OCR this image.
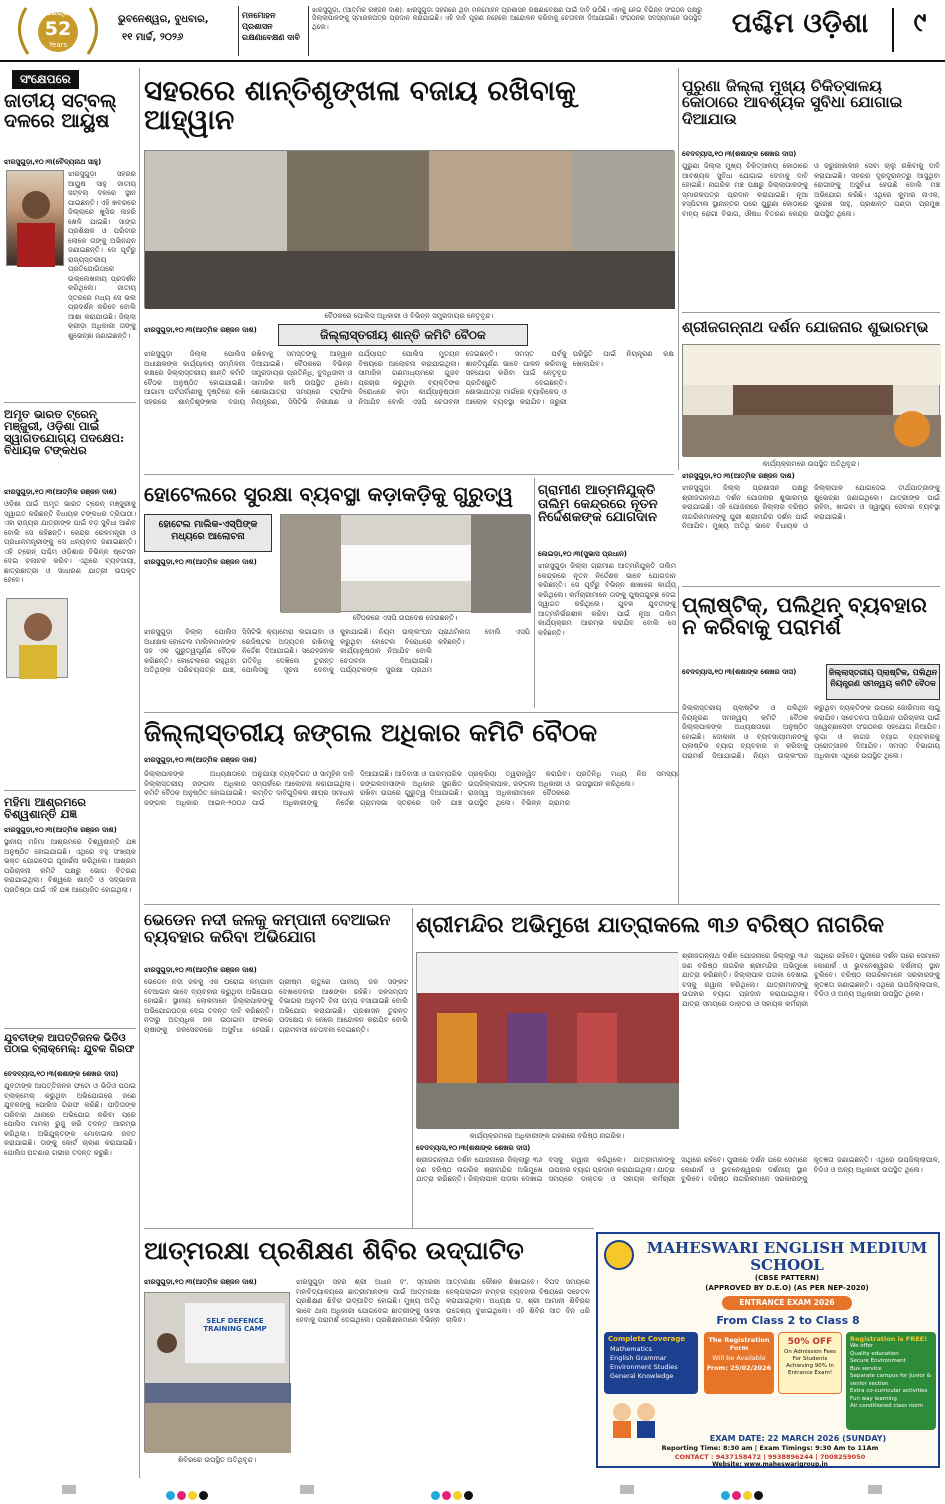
ଧରିତ୍ରୀ
52
Years
ଭୁବନେଶ୍ୱର, ବୁଧବାର,
୧୧ ମାର୍ଚ୍ଚ, ୨୦୨୬
ମନମୋହନ ପ୍ରଶାସନ
ରକ୍ଷଣାବେକ୍ଷଣ ଦାବି
ଝାରସୁଗୁଡ଼ା, (ଆତ୍ମିକ ରଞ୍ଜନ ଦାଶ): ଝାରସୁଗୁଡ଼ା ସହରରେ ଥିବା ମନମୋହନ ପ୍ରଶାସନ ରକ୍ଷଣାବେକ୍ଷଣ ପାଇଁ ଦାବି ଉଠିଛି। ଏହାକୁ ନେଇ ବିଭିନ୍ନ ସଂଗଠନ ପକ୍ଷରୁ ଜିଲ୍ଲାପାଳଙ୍କୁ ସ୍ମାରକପତ୍ର ପ୍ରଦାନ କରାଯାଇଛି। ଏହି ଦାବି ପୂରଣ ନହେଲେ ଆନ୍ଦୋଳନ କରିବାକୁ ଚେତାବନୀ ଦିଆଯାଇଛି। ସଂଗଠନର ସଦସ୍ୟମାନେ ଉପସ୍ଥିତ ଥିଲେ।	ପଶ୍ଚିମ ଓଡ଼ିଶା	୯
ସଂକ୍ଷେପରେ
ଜାତୀୟ ସଟ୍‌ବଲ୍‌ ଦଳରେ ଆୟୁଷ
ଝାରସୁଗୁଡ଼ା,୧୦।୩(ବୈଦ୍ୟନାଥ ସାହୁ)
ଝାରସୁଗୁଡ଼ା ସହରର ଆୟୁଷ ସାହୁ ଜାତୀୟ ସଟ୍‌ବଲ୍‌ ଦଳରେ ସ୍ଥାନ ପାଇଛନ୍ତି। ଏହି ଖବରରେ ଜିଲ୍ଲାରେ ଖୁସିର ଲହରି ଖେଳି ଯାଇଛି। ସାଙ୍ଗ ପ୍ରଶିକ୍ଷକ ଓ ପରିବାର ଲୋକେ ତାଙ୍କୁ ଅଭିନନ୍ଦନ ଜଣାଇଛନ୍ତି। ସେ ପୂର୍ବରୁ ରାଜ୍ୟସ୍ତରୀୟ ପ୍ରତିଯୋଗିତାରେ ଉଲ୍ଲେଖନୀୟ ପ୍ରଦର୍ଶନ କରିଥିଲେ। ଜାତୀୟ ସ୍ତରରେ ମଧ୍ୟ ସେ ଭଲ ପ୍ରଦର୍ଶନ କରିବେ ବୋଲି ଆଶା କରାଯାଉଛି। ଜିଲ୍ଲା କ୍ରୀଡ଼ା ଅଧିକାରୀ ତାଙ୍କୁ ଶୁଭେଚ୍ଛା ଜଣାଇଛନ୍ତି।
ଅମୃତ ଭାରତ ଟ୍ରେନ୍‌ ମଞ୍ଜୁରୀ, ଓଡ଼ିଶା ପାଇଁ ସ୍ୱାଗତଯୋଗ୍ୟ ପଦକ୍ଷେପ: ବିଧାୟକ ଟଙ୍କଧର
ଝାରସୁଗୁଡ଼ା,୧୦।୩(ଆତ୍ମିକ ରଞ୍ଜନ ଦାଶ)
ଓଡ଼ିଶା ପାଇଁ ଅମୃତ ଭାରତ ଟ୍ରେନ୍‌ ମଞ୍ଜୁରୀକୁ ସ୍ୱାଗତ କରିଛନ୍ତି ବିଧାୟକ ଟଙ୍କଧର ତ୍ରିପାଠୀ। ଏହା ରାଜ୍ୟର ଯାତ୍ରୀଙ୍କ ପାଇଁ ବଡ଼ ସୁବିଧା ଆଣିବ ବୋଲି ସେ କହିଛନ୍ତି। କେନ୍ଦ୍ର ରେଳମନ୍ତ୍ରୀ ଓ ପ୍ରଧାନମନ୍ତ୍ରୀଙ୍କୁ ସେ ଧନ୍ୟବାଦ ଜଣାଇଛନ୍ତି। ଏହି ଟ୍ରେନ୍‌ ପଶ୍ଚିମ ଓଡ଼ିଶାର ବିଭିନ୍ନ ଷ୍ଟେସନ ଦେଇ ଚଳାଚଳ କରିବ। ଏଥିରେ ବ୍ୟବସାୟୀ, ଛାତ୍ରଛାତ୍ରୀ ଓ ସାଧାରଣ ଯାତ୍ରୀ ଉପକୃତ ହେବେ।
ମହିମା ଆଶ୍ରମରେ ବିଶ୍ୱଶାନ୍ତି ଯଜ୍ଞ
ଝାରସୁଗୁଡ଼ା,୧୦।୩(ଆତ୍ମିକ ରଞ୍ଜନ ଦାଶ)
ସ୍ଥାନୀୟ ମହିମା ଆଶ୍ରମରେ ବିଶ୍ୱଶାନ୍ତି ଯଜ୍ଞ ଅନୁଷ୍ଠିତ ହୋଇଯାଇଛି। ଏଥିରେ ବହୁ ସଂଖ୍ୟକ ଭକ୍ତ ଯୋଗଦେଇ ପୂଜାର୍ଚ୍ଚନା କରିଥିଲେ। ଆଶ୍ରମ ପରିଚାଳନା କମିଟି ପକ୍ଷରୁ ଭୋଗ ବିତରଣ କରାଯାଇଥିଲା। ବିଶ୍ୱରେ ଶାନ୍ତି ଓ ସଦ୍‌ଭାବନା ପ୍ରତିଷ୍ଠା ପାଇଁ ଏହି ଯଜ୍ଞ ଆୟୋଜିତ ହୋଇଥିଲା।
ଯୁବତୀଙ୍କ ଆପତ୍ତିଜନକ ଭିଡିଓ ପଠାଇ ବ୍ଲାକ୍‌ମେଲ୍‌: ଯୁବକ ଗିରଫ
ବେଦବ୍ୟାସ,୧୦।୩(ଶଶାଙ୍କ ଶେଖର ଦାସ)
ଯୁବତୀଙ୍କ ଆପତ୍ତିଜନକ ଫଟୋ ଓ ଭିଡିଓ ପଠାଇ ବ୍ଲାକ୍‌ମେଲ୍‌ କରୁଥିବା ଅଭିଯୋଗରେ ଜଣେ ଯୁବକଙ୍କୁ ପୋଲିସ ଗିରଫ କରିଛି। ପୀଡ଼ିତାଙ୍କ ପରିବାର ଥାନାରେ ଅଭିଯୋଗ କରିବା ପରେ ପୋଲିସ ମାମଲା ରୁଜୁ କରି ତଦନ୍ତ ଆରମ୍ଭ କରିଥିଲା। ଅଭିଯୁକ୍ତଙ୍କ ମୋବାଇଲ ଜବତ କରାଯାଇଛି। ତାଙ୍କୁ କୋର୍ଟ ଚାଲାଣ କରାଯାଇଛି। ପୋଲିସ ଘଟଣାର ଗଭୀର ତଦନ୍ତ କରୁଛି।
ସହରରେ ଶାନ୍ତିଶୃଙ୍ଖଳା ବଜାୟ ରଖିବାକୁ ଆହ୍ୱାନ
ବୈଠକରେ ପୋଲିସ ଅଧିକାରୀ ଓ ବିଭିନ୍ନ ସମ୍ପ୍ରଦାୟର ନେତୃବୃନ୍ଦ।
ଝାରସୁଗୁଡ଼ା,୧୦।୩(ଆତ୍ମିକ ରଞ୍ଜନ ଦାଶ)	ଜିଲ୍ଲାସ୍ତରୀୟ ଶାନ୍ତି କମିଟି ବୈଠକ
ଝାରସୁଗୁଡ଼ା ଜିଲ୍ଲା ପୋଲିସ ଅଧୀକ୍ଷକଙ୍କ କାର୍ଯ୍ୟାଳୟ ସମ୍ମିଳନୀ କକ୍ଷରେ ଜିଲ୍ଲାସ୍ତରୀୟ ଶାନ୍ତି କମିଟି ବୈଠକ ଅନୁଷ୍ଠିତ ହୋଇଯାଇଛି। ଆଗାମୀ ପର୍ବପର୍ବାଣୀକୁ ଦୃଷ୍ଟିରେ ରଖି ସହରରେ ଶାନ୍ତିଶୃଙ୍ଖଳା ବଜାୟ ରଖିବାକୁ ସମସ୍ତଙ୍କୁ ଆହ୍ୱାନ ଦିଆଯାଇଛି। ବୈଠକରେ ବିଭିନ୍ନ ସମ୍ପ୍ରଦାୟର ପ୍ରତିନିଧି, ବୁଦ୍ଧିଜୀବୀ ଓ ସାମାଜିକ କର୍ମୀ ଉପସ୍ଥିତ ଥିଲେ। ଶୋଭାଯାତ୍ରା ସମୟରେ ଟ୍ରାଫିକ ନିୟନ୍ତ୍ରଣ, ସିସିଟିଭି ନିରୀକ୍ଷଣ ଓ ପର୍ଯ୍ୟାପ୍ତ ପୋଲିସ ମୁତୟନ ବିଷୟରେ ଆଲୋଚନା କରାଯାଇଥିଲା। ସାମାଜିକ ଗଣମାଧ୍ୟମରେ ଗୁଜବ ପ୍ରଚାର କରୁଥିବା ବ୍ୟକ୍ତିଙ୍କ ବିରୋଧରେ କଡ଼ା କାର୍ଯ୍ୟାନୁଷ୍ଠାନ ନିଆଯିବ ବୋଲି ଏସପି ଚେତାବନୀ ଦେଇଛନ୍ତି। ସମସ୍ତ ପର୍ବକୁ ଶାନ୍ତିପୂର୍ଣ୍ଣ ଭାବେ ପାଳନ କରିବାକୁ ସହଯୋଗ କରିବା ପାଇଁ ନେତୃବୃନ୍ଦ ପ୍ରତିଶ୍ରୁତି ଦେଇଛନ୍ତି। ଶୋଭାଯାତ୍ରା ମାର୍ଗରେ ବ୍ୟାରିକେଡ୍‌ ଓ ଆଲୋକ ବ୍ୟବସ୍ଥା କରାଯିବ। ଜରୁରୀ ପରିସ୍ଥିତି ପାଇଁ ନିୟନ୍ତ୍ରଣ କକ୍ଷ ଖୋଲାଯିବ।
ପୁରୁଣା ଜିଲ୍ଲା ମୁଖ୍ୟ ଚିକିତ୍ସାଳୟ କୋଠାରେ ଆବଶ୍ୟକ ସୁବିଧା ଯୋଗାଇ ଦିଆଯାଉ
ବେଦବ୍ୟାସ,୧୦।୩(ଶଶାଙ୍କ ଶେଖର ଦାସ)
ପୁରୁଣା ଜିଲ୍ଲା ମୁଖ୍ୟ ଚିକିତ୍ସାଳୟ କୋଠାରେ ଆବଶ୍ୟକ ସୁବିଧା ଯୋଗାଇ ଦେବାକୁ ଦାବି ହୋଇଛି। ନାଗରିକ ମଞ୍ଚ ପକ୍ଷରୁ ଜିଲ୍ଲାପାଳଙ୍କୁ ସ୍ମାରକପତ୍ର ପ୍ରଦାନ କରାଯାଇଛି। ନୂଆ ହସ୍ପିଟାଲ ସ୍ଥାନାନ୍ତର ପରେ ପୁରୁଣା କୋଠାରେ ବାହ୍ୟ ରୋଗୀ ବିଭାଗ, ଔଷଧ ବିତରଣ କେନ୍ଦ୍ର ଓ ଜରୁରୀକାଳୀନ ସେବା ଚାଲୁ ରଖିବାକୁ ଦାବି କରାଯାଇଛି। ସହରର ଦୂରଦୂରାନ୍ତରୁ ଆସୁଥିବା ରୋଗୀଙ୍କୁ ଅସୁବିଧା ହେଉଛି ବୋଲି ମଞ୍ଚ ଅଭିଯୋଗ କରିଛି। ଏଥିରେ କୁମାର ନାଏକ, ସୁରେଶ ସାହୁ, ପ୍ରଶାନ୍ତ ପଣ୍ଡା ପ୍ରମୁଖ ଉପସ୍ଥିତ ଥିଲେ।
ଶ୍ରୀଜଗନ୍ନାଥ ଦର୍ଶନ ଯୋଜନାର ଶୁଭାରମ୍ଭ
କାର୍ଯ୍ୟକ୍ରମରେ ଉପସ୍ଥିତ ଅତିଥିବୃନ୍ଦ।
ଝାରସୁଗୁଡ଼ା,୧୦।୩(ଆତ୍ମିକ ରଞ୍ଜନ ଦାଶ)
ଝାରସୁଗୁଡ଼ା ଜିଲ୍ଲା ପ୍ରଶାସନ ପକ୍ଷରୁ ଶ୍ରୀଜଗନ୍ନାଥ ଦର୍ଶନ ଯୋଜନାର ଶୁଭାରମ୍ଭ କରାଯାଇଛି। ଏହି ଯୋଜନାରେ ଜିଲ୍ଲାର ବରିଷ୍ଠ ନାଗରିକମାନଙ୍କୁ ପୁରୀ ଶ୍ରୀମନ୍ଦିର ଦର୍ଶନ ପାଇଁ ନିଆଯିବ। ମୁଖ୍ୟ ଅତିଥି ଭାବେ ବିଧାୟକ ଓ ଜିଲ୍ଲାପାଳ ଯୋଗଦେଇ ତୀର୍ଥଯାତ୍ରୀଙ୍କୁ ଶୁଭେଚ୍ଛା ଜଣାଇଥିଲେ। ଯାତ୍ରୀଙ୍କ ପାଇଁ ରହିବା, ଖାଇବା ଓ ସ୍ୱାସ୍ଥ୍ୟ ସେବାର ବ୍ୟବସ୍ଥା କରାଯାଇଛି।
ହୋଟେଲରେ ସୁରକ୍ଷା ବ୍ୟବସ୍ଥା କଡ଼ାକଡ଼ିକୁ ଗୁରୁତ୍ୱ
ହୋଟେଲ ମାଲିକ-ଏସ୍‌ପିଙ୍କ ମଧ୍ୟରେ ଆଲୋଚନା
ଝାରସୁଗୁଡ଼ା,୧୦।୩(ଆତ୍ମିକ ରଞ୍ଜନ ଦାଶ)
ବୈଠକରେ ଏସପି ଉପଦେଶ ଦେଉଛନ୍ତି।
ଝାରସୁଗୁଡ଼ା ଜିଲ୍ଲା ପୋଲିସ ଅଧୀକ୍ଷକ ହୋଟେଲ ମାଲିକମାନଙ୍କ ସହ ଏକ ଗୁରୁତ୍ୱପୂର୍ଣ୍ଣ ବୈଠକ କରିଛନ୍ତି। ହୋଟେଲରେ ରହୁଥିବା ଅତିଥିଙ୍କ ପରିଚୟପତ୍ର ଯାଞ୍ଚ, ସିସିଟିଭି କ୍ୟାମେରା ଲଗାଇବା ଓ ରେଜିଷ୍ଟର ଅଦ୍ୟତନ ରଖିବାକୁ ନିର୍ଦ୍ଦେଶ ଦିଆଯାଇଛି। ସନ୍ଦେହଜନକ ଗତିବିଧି ଦେଖିଲେ ତୁରନ୍ତ ପୋଲିସକୁ ସୂଚନା ଦେବାକୁ କୁହାଯାଇଛି। ନିୟମ ଉଲ୍ଲଂଘନ କରୁଥିବା ହୋଟେଲ ବିରୋଧରେ କାର୍ଯ୍ୟାନୁଷ୍ଠାନ ନିଆଯିବ ବୋଲି ଚେତାବନୀ ଦିଆଯାଇଛି। ପର୍ଯ୍ୟଟକଙ୍କ ସୁରକ୍ଷା ପ୍ରଥମ ପ୍ରାଥମିକତା ବୋଲି ଏସପି କହିଛନ୍ତି।
ଗ୍ରାମୀଣ ଆତ୍ମନିଯୁକ୍ତି ତାଲିମ କେନ୍ଦ୍ରରେ ନୂତନ ନିର୍ଦ୍ଦେଶକଙ୍କ ଯୋଗଦାନ
ଲେଇଡ଼ା,୧୦।୩(ସୁଭାସ ପ୍ରଧାନ)
ଝାରସୁଗୁଡ଼ା ଜିଲ୍ଲା ଗ୍ରାମୀଣ ଆତ୍ମନିଯୁକ୍ତି ତାଲିମ କେନ୍ଦ୍ରରେ ନୂତନ ନିର୍ଦ୍ଦେଶକ ଭାବେ ଯୋଗଦାନ କରିଛନ୍ତି। ସେ ପୂର୍ବରୁ ବିଭିନ୍ନ ଶାଖାରେ କାର୍ଯ୍ୟ କରିଥିଲେ। କର୍ମଚାରୀମାନେ ତାଙ୍କୁ ପୁଷ୍ପଗୁଚ୍ଛ ଦେଇ ସ୍ୱାଗତ କରିଥିଲେ। ଯୁବକ ଯୁବତୀଙ୍କୁ ଆତ୍ମନିର୍ଭରଶୀଳ କରିବା ପାଇଁ ନୂଆ ତାଲିମ କାର୍ଯ୍ୟକ୍ରମ ଆରମ୍ଭ କରାଯିବ ବୋଲି ସେ କହିଛନ୍ତି।
ପ୍ଲାଷ୍ଟିକ୍‌, ପଲିଥିନ୍‌ ବ୍ୟବହାର ନ କରିବାକୁ ପରାମର୍ଶ
ବେଦବ୍ୟାସ,୧୦।୩(ଶଶାଙ୍କ ଶେଖର ଦାସ)	ଜିଲ୍ଲାସ୍ତରୀୟ ପ୍ଲାଷ୍ଟିକ, ପଲିଥିନ ନିୟନ୍ତ୍ରଣ ସମନ୍ୱୟ କମିଟି ବୈଠକ
ଜିଲ୍ଲାସ୍ତରୀୟ ପ୍ଲାଷ୍ଟିକ ଓ ପଲିଥିନ ନିୟନ୍ତ୍ରଣ ସମନ୍ୱୟ କମିଟି ବୈଠକ ଜିଲ୍ଲାପାଳଙ୍କ ଅଧ୍ୟକ୍ଷତାରେ ଅନୁଷ୍ଠିତ ହୋଇଛି। ଦୋକାନୀ ଓ ବ୍ୟବସାୟୀମାନଙ୍କୁ ପ୍ଲାଷ୍ଟିକ ବ୍ୟାଗ ବ୍ୟବହାର ନ କରିବାକୁ ପରାମର୍ଶ ଦିଆଯାଇଛି। ନିୟମ ଉଲ୍ଲଂଘନ କରୁଥିବା ବ୍ୟକ୍ତିଙ୍କ ଉପରେ ଜୋରିମାନା ଲାଗୁ କରାଯିବ। ସଚେତନତା ଅଭିଯାନ ପରିଚାଳନା ପାଇଁ ସ୍ୱେଚ୍ଛାସେବୀ ସଂଗଠନର ସହଯୋଗ ନିଆଯିବ। ଲୁଗା ଓ କାଗଜ ବ୍ୟାଗ ବ୍ୟବହାରକୁ ପ୍ରୋତ୍ସାହନ ଦିଆଯିବ। ସମସ୍ତ ବିଭାଗୀୟ ଅଧିକାରୀ ଏଥିରେ ଉପସ୍ଥିତ ଥିଲେ।
ଜିଲ୍ଲାସ୍ତରୀୟ ଜଙ୍ଗଲ ଅଧିକାର କମିଟି ବୈଠକ
ଝାରସୁଗୁଡ଼ା,୧୦।୩(ଆତ୍ମିକ ରଞ୍ଜନ ଦାଶ)
ଜିଲ୍ଲାପାଳଙ୍କ ଅଧ୍ୟକ୍ଷତାରେ ଜିଲ୍ଲାସ୍ତରୀୟ ଜଙ୍ଗଲ ଅଧିକାର କମିଟି ବୈଠକ ଅନୁଷ୍ଠିତ ହୋଇଯାଇଛି। ଜଙ୍ଗଲ ଅଧିକାର ଆଇନ-୨୦୦୬ ଅନୁଯାୟୀ ବ୍ୟକ୍ତିଗତ ଓ ସାମୂହିକ ଦାବି ସମ୍ପର୍କରେ ଆଲୋଚନା କରାଯାଇଥିଲା। ଲମ୍ବିତ ଦାବିଗୁଡ଼ିକର ଶୀଘ୍ର ସମାଧାନ ପାଇଁ ଅଧିକାରୀଙ୍କୁ ନିର୍ଦ୍ଦେଶ ଦିଆଯାଇଛି। ଆଦିବାସୀ ଓ ପାରମ୍ପରିକ ଜଙ୍ଗଲବାସୀଙ୍କ ଅଧିକାର ସୁରକ୍ଷିତ ରଖିବା ଉପରେ ଗୁରୁତ୍ୱ ଦିଆଯାଇଛି। ଗ୍ରାମସଭା ସ୍ତରରେ ଦାବି ଯାଞ୍ଚ ପ୍ରକ୍ରିୟା ତ୍ୱରାନ୍ୱିତ କରାଯିବ। ଉପଜିଲ୍ଲାପାଳ, ଜଙ୍ଗଲ ଅଧିକାରୀ ଓ ରାଜସ୍ୱ ଅଧିକାରୀମାନେ ବୈଠକରେ ଉପସ୍ଥିତ ଥିଲେ। ବିଭିନ୍ନ ଗ୍ରାମର ପ୍ରତିନିଧି ମଧ୍ୟ ନିଜ ସମସ୍ୟା ଉପସ୍ଥାପନ କରିଥିଲେ।
ଭେଡେନ ନଦୀ ଜଳକୁ କମ୍ପାନୀ ବେଆଇନ ବ୍ୟବହାର କରିବା ଅଭିଯୋଗ
ଝାରସୁଗୁଡ଼ା,୧୦।୩(ଆତ୍ମିକ ରଞ୍ଜନ ଦାଶ)
ଭେଡେନ ନଦୀ ଜଳକୁ ଏକ ଘରୋଇ କମ୍ପାନୀ ବେଆଇନ ଭାବେ ବ୍ୟବହାର କରୁଥିବା ଅଭିଯୋଗ ହୋଇଛି। ସ୍ଥାନୀୟ ଲୋକମାନେ ଜିଲ୍ଲାପାଳଙ୍କୁ ଅଭିଯୋଗପତ୍ର ଦେଇ ତଦନ୍ତ ଦାବି କରିଛନ୍ତି। ନଦୀରୁ ଅତ୍ୟଧିକ ଜଳ ଉଠାଇବା ଫଳରେ ଚାଷୀଙ୍କୁ ଜଳସେଚନରେ ଅସୁବିଧା ହେଉଛି। ଗ୍ରୀଷ୍ମ ଋତୁରେ ପାନୀୟ ଜଳ ସଙ୍କଟ ଦେଖାଦେବାର ଆଶଙ୍କା ରହିଛି। ଜଳସମ୍ପଦ ବିଭାଗର ଅନୁମତି ବିନା ପମ୍ପ ବସାଯାଇଛି ବୋଲି ଅଭିଯୋଗ କରାଯାଇଛି। ପ୍ରଶାସନ ତୁରନ୍ତ ପଦକ୍ଷେପ ନ ନେଲେ ଆନ୍ଦୋଳନ କରାଯିବ ବୋଲି ଗ୍ରାମବାସୀ ଚେତାବନୀ ଦେଇଛନ୍ତି।
ଶ୍ରୀମନ୍ଦିର ଅଭିମୁଖେ ଯାତ୍ରାକଲେ ୩୬ ବରିଷ୍ଠ ନାଗରିକ
କାର୍ଯ୍ୟକ୍ରମରେ ଅଧିକାରୀଙ୍କ ଗହଣରେ ବରିଷ୍ଠ ନାଗରିକ।
ବେଦବ୍ୟାସ,୧୦।୩(ଶଶାଙ୍କ ଶେଖର ଦାସ)
ଶ୍ରୀଜଗନ୍ନାଥ ଦର୍ଶନ ଯୋଜନାରେ ଜିଲ୍ଲାରୁ ୩୬ ଜଣ ବରିଷ୍ଠ ନାଗରିକ ଶ୍ରୀମନ୍ଦିର ଅଭିମୁଖେ ଯାତ୍ରା କରିଛନ୍ତି। ଜିଲ୍ଲାପାଳ ପତାକା ଦେଖାଇ ବସ୍‌କୁ ରୱାନା କରିଥିଲେ। ଯାତ୍ରୀମାନଙ୍କୁ ଉପହାର ବ୍ୟାଗ ପ୍ରଦାନ କରାଯାଇଥିଲା। ଯାତ୍ରା ସମୟରେ ଡାକ୍ତର ଓ ସହାୟକ କର୍ମଚାରୀ ସାଥିରେ ରହିବେ। ପୁରୀରେ ଦର୍ଶନ ପରେ ସେମାନେ କୋଣାର୍କ ଓ ଭୁବନେଶ୍ୱରର ଦର୍ଶନୀୟ ସ୍ଥାନ ବୁଲିବେ। ବରିଷ୍ଠ ନାଗରିକମାନେ ସରକାରଙ୍କୁ କୃତଜ୍ଞତା ଜଣାଇଛନ୍ତି। ଏଥିରେ ଉପଜିଲ୍ଲାପାଳ, ବିଡିଓ ଓ ଅନ୍ୟ ଅଧିକାରୀ ଉପସ୍ଥିତ ଥିଲେ।
ଶ୍ରୀଜଗନ୍ନାଥ ଦର୍ଶନ ଯୋଜନାରେ ଜିଲ୍ଲାରୁ ୩୬ ଜଣ ବରିଷ୍ଠ ନାଗରିକ ଶ୍ରୀମନ୍ଦିର ଅଭିମୁଖେ ଯାତ୍ରା କରିଛନ୍ତି। ଜିଲ୍ଲାପାଳ ପତାକା ଦେଖାଇ ବସ୍‌କୁ ରୱାନା କରିଥିଲେ। ଯାତ୍ରୀମାନଙ୍କୁ ଉପହାର ବ୍ୟାଗ ପ୍ରଦାନ କରାଯାଇଥିଲା। ଯାତ୍ରା ସମୟରେ ଡାକ୍ତର ଓ ସହାୟକ କର୍ମଚାରୀ ସାଥିରେ ରହିବେ। ପୁରୀରେ ଦର୍ଶନ ପରେ ସେମାନେ କୋଣାର୍କ ଓ ଭୁବନେଶ୍ୱରର ଦର୍ଶନୀୟ ସ୍ଥାନ ବୁଲିବେ। ବରିଷ୍ଠ ନାଗରିକମାନେ ସରକାରଙ୍କୁ କୃତଜ୍ଞତା ଜଣାଇଛନ୍ତି। ଏଥିରେ ଉପଜିଲ୍ଲାପାଳ, ବିଡିଓ ଓ ଅନ୍ୟ ଅଧିକାରୀ ଉପସ୍ଥିତ ଥିଲେ।
ଆତ୍ମରକ୍ଷା ପ୍ରଶିକ୍ଷଣ ଶିବିର ଉଦ୍‌ଘାଟିତ
ଝାରସୁଗୁଡ଼ା,୧୦।୩(ଆତ୍ମିକ ରଞ୍ଜନ ଦାଶ)
SELF DEFENCE TRAINING CAMP
ଶିବିରରେ ଉପସ୍ଥିତ ଅତିଥିବୃନ୍ଦ।
ଝାରସୁଗୁଡ଼ା ସହର ଶ୍ରୀ ଅଧାନ ବଂ. ସ୍ମାରକୀ ମହାବିଦ୍ୟାଳୟରେ ଛାତ୍ରୀମାନଙ୍କ ପାଇଁ ଆତ୍ମରକ୍ଷା ପ୍ରଶିକ୍ଷଣ ଶିବିର ଉଦ୍‌ଘାଟିତ ହୋଇଛି। ମୁଖ୍ୟ ଅତିଥି ଭାବେ ଥାନା ଅଧିକାରୀ ଯୋଗଦେଇ ଛାତ୍ରୀଙ୍କୁ ସାହସୀ ହେବାକୁ ପରାମର୍ଶ ଦେଇଥିଲେ। ପ୍ରଶିକ୍ଷକମାନେ ବିଭିନ୍ନ ଆତ୍ମରକ୍ଷା କୌଶଳ ଶିଖାଇବେ। ବିପଦ ସମୟରେ ହେଲ୍‌ପଲାଇନ ନମ୍ବର ବ୍ୟବହାର ବିଷୟରେ ସଚେତନ କରାଯାଇଥିଲା। ଅଧ୍ୟକ୍ଷ ଡ. ଶ୍ରୀ ଆମାନୀ ଶିବିରର ଉଦ୍ଦେଶ୍ୟ ବୁଝାଇଥିଲେ। ଏହି ଶିବିର ସାତ ଦିନ ଧରି ଚାଲିବ।
MAHESWARI ENGLISH MEDIUM SCHOOL
(CBSE PATTERN)
(APPROVED BY D.E.O) (AS PER NEP-2020)
ENTRANCE EXAM 2026
From Class 2 to Class 8
Complete Coverage
Mathematics
English Grammar
Environment Studies
General Knowledge
The Registration Form
Will be Available
From: 25/02/2026
50% OFF
On Admission Fees For Students Achieving 90% In Entrance Exam!
Registration is FREE!
We offer
Quality education
Secure Environment
Bus service
Separate campus for Junior & senior section
Extra co-curricular activities
Fun way learning
Air conditioned class room
EXAM DATE: 22 MARCH 2026 (SUNDAY)
Reporting Time: 8:30 am | Exam Timings: 9:30 Am to 11Am
CONTACT : 9437158472 | 9938896244 | 7008259050
Website: www.maheswarigroup.in
